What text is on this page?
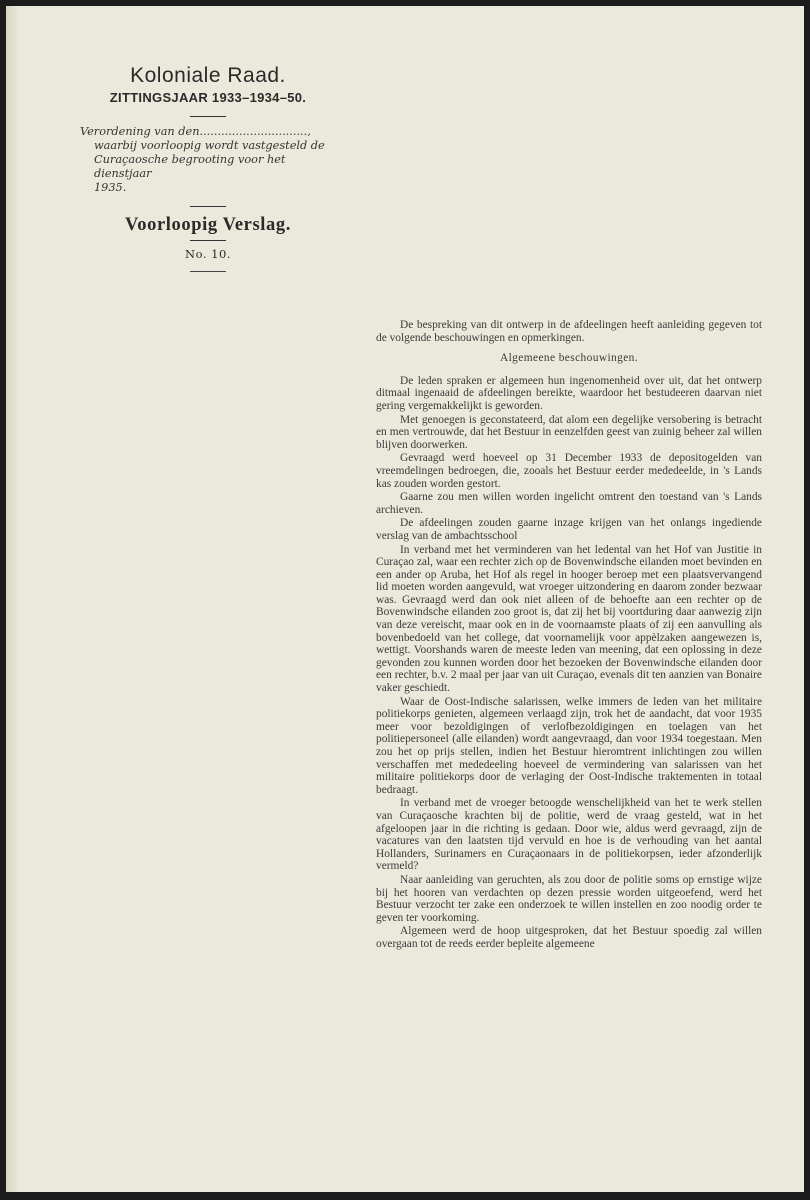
Koloniale Raad.
ZITTINGSJAAR 1933–1934–50.
Verordening van den..............................,
waarbij voorloopig wordt vastgesteld de
Curaçaosche begrooting voor het dienstjaar
1935.
Voorloopig Verslag.
No. 10.

De bespreking van dit ontwerp in de afdeelingen heeft aanleiding gegeven tot de volgende beschouwingen en opmerkingen.

Algemeene beschouwingen.

De leden spraken er algemeen hun ingenomenheid over uit, dat het ontwerp ditmaal ingenaaid de afdeelingen bereikte, waardoor het bestudeeren daarvan niet gering vergemakkelijkt is geworden.

Met genoegen is geconstateerd, dat alom een degelijke versobering is betracht en men vertrouwde, dat het Bestuur in eenzelfden geest van zuinig beheer zal willen blijven doorwerken.

Gevraagd werd hoeveel op 31 December 1933 de depositogelden van vreemdelingen bedroegen, die, zooals het Bestuur eerder mededeelde, in 's Lands kas zouden worden gestort.

Gaarne zou men willen worden ingelicht omtrent den toestand van 's Lands archieven.

De afdeelingen zouden gaarne inzage krijgen van het onlangs ingediende verslag van de ambachtsschool

In verband met het verminderen van het ledental van het Hof van Justitie in Curaçao zal, waar een rechter zich op de Bovenwindsche eilanden moet bevinden en een ander op Aruba, het Hof als regel in hooger beroep met een plaatsvervangend lid moeten worden aangevuld, wat vroeger uitzondering en daarom zonder bezwaar was. Gevraagd werd dan ook niet alleen of de behoefte aan een rechter op de Bovenwindsche eilanden zoo groot is, dat zij het bij voortduring daar aanwezig zijn van deze vereischt, maar ook en in de voornaamste plaats of zij een aanvulling als bovenbedoeld van het college, dat voornamelijk voor appèlzaken aangewezen is, wettigt. Voorshands waren de meeste leden van meening, dat een oplossing in deze gevonden zou kunnen worden door het bezoeken der Bovenwindsche eilanden door een rechter, b.v. 2 maal per jaar van uit Curaçao, evenals dit ten aanzien van Bonaire vaker geschiedt.

Waar de Oost-Indische salarissen, welke immers de leden van het militaire politiekorps genieten, algemeen verlaagd zijn, trok het de aandacht, dat voor 1935 meer voor bezoldigingen of verlofbezoldigingen en toelagen van het politiepersoneel (alle eilanden) wordt aangevraagd, dan voor 1934 toegestaan. Men zou het op prijs stellen, indien het Bestuur hieromtrent inlichtingen zou willen verschaffen met mededeeling hoeveel de vermindering van salarissen van het militaire politiekorps door de verlaging der Oost-Indische traktementen in totaal bedraagt.

In verband met de vroeger betoogde wenschelijkheid van het te werk stellen van Curaçaosche krachten bij de politie, werd de vraag gesteld, wat in het afgeloopen jaar in die richting is gedaan. Door wie, aldus werd gevraagd, zijn de vacatures van den laatsten tijd vervuld en hoe is de verhouding van het aantal Hollanders, Surinamers en Curaçaonaars in de politiekorpsen, ieder afzonderlijk vermeld?

Naar aanleiding van geruchten, als zou door de politie soms op ernstige wijze bij het hooren van verdachten op dezen pressie worden uitgeoefend, werd het Bestuur verzocht ter zake een onderzoek te willen instellen en zoo noodig order te geven ter voorkoming.

Algemeen werd de hoop uitgesproken, dat het Bestuur spoedig zal willen overgaan tot de reeds eerder bepleite algemeene
